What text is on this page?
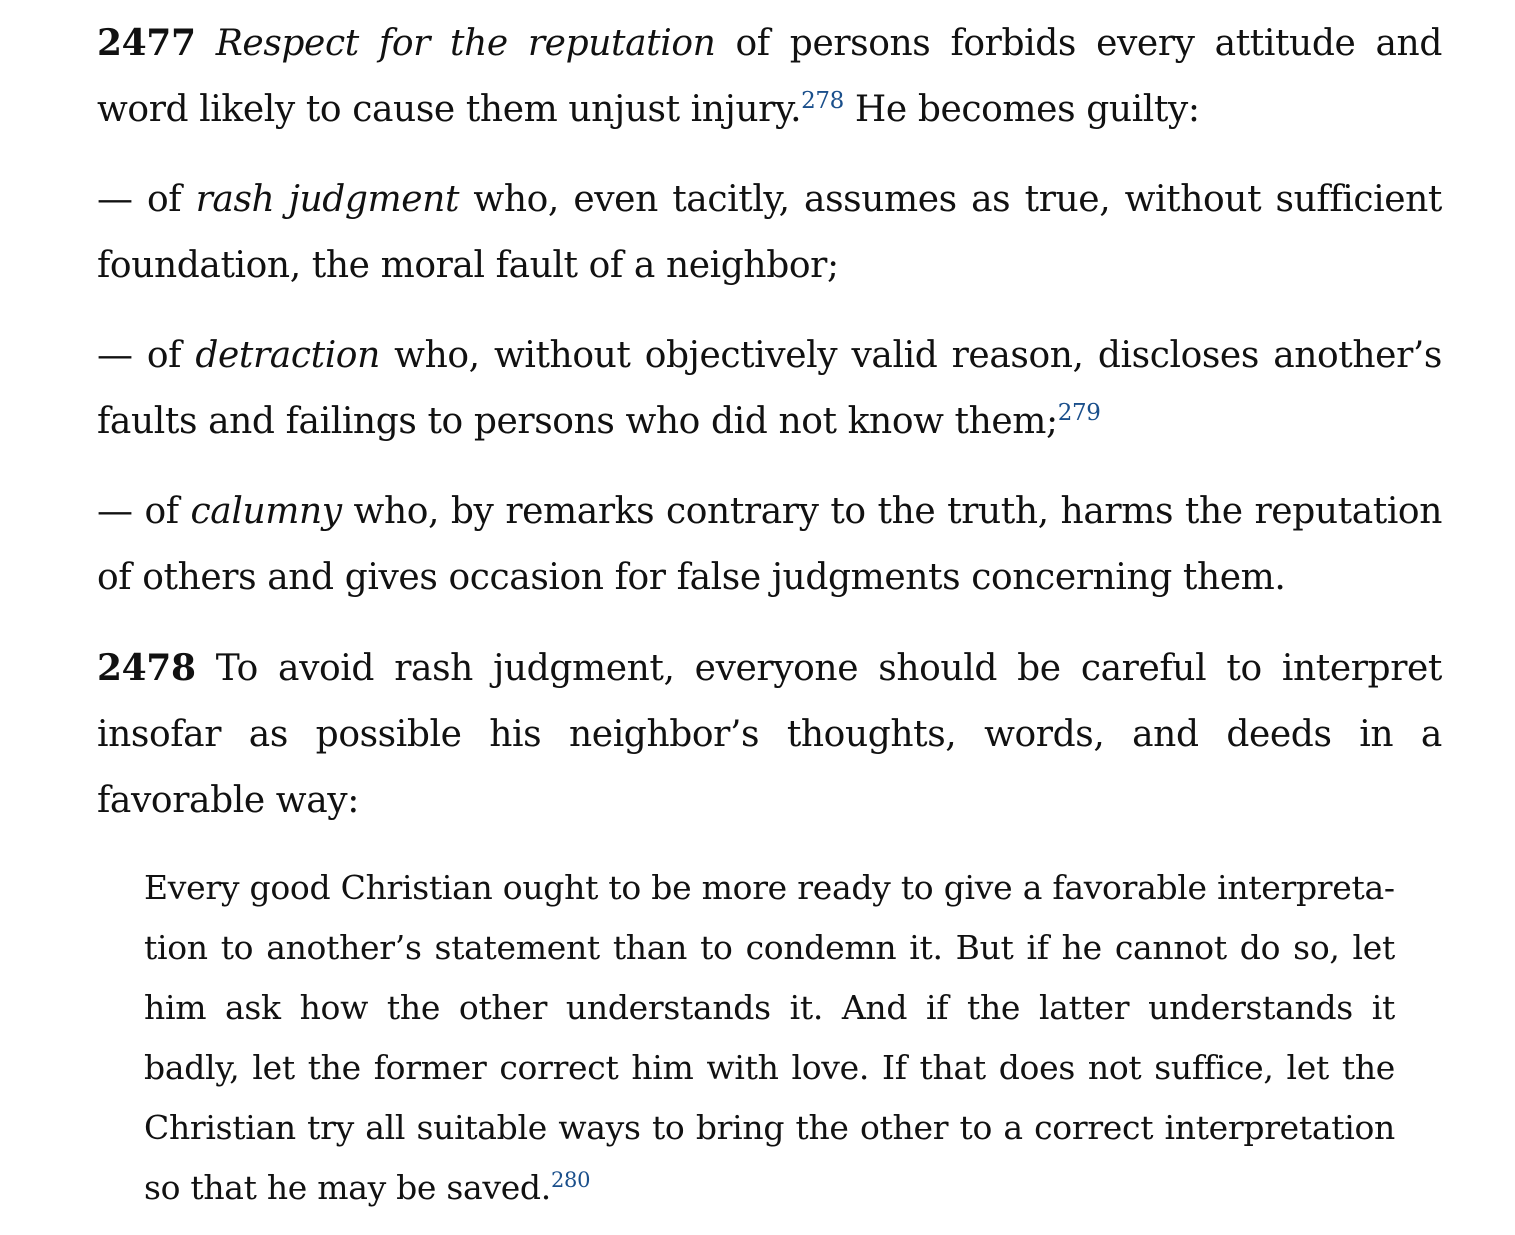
2477 Respect for the reputation of persons forbids every attitude and word likely to cause them unjust injury.$^{278}$ He becomes guilty:

— of rash judgment who, even tacitly, assumes as true, without sufficient foundation, the moral fault of a neighbor;

— of detraction who, without objectively valid reason, discloses another’s faults and failings to persons who did not know them;$^{279}$

— of calumny who, by remarks contrary to the truth, harms the reputation of others and gives occasion for false judgments concerning them.

2478 To avoid rash judgment, everyone should be careful to interpret insofar as possible his neighbor’s thoughts, words, and deeds in a favorable way:

Every good Christian ought to be more ready to give a favorable interpretation to another’s statement than to condemn it. But if he cannot do so, let him ask how the other understands it. And if the latter understands it badly, let the former correct him with love. If that does not suffice, let the Christian try all suitable ways to bring the other to a correct interpretation so that he may be saved.$^{280}$
